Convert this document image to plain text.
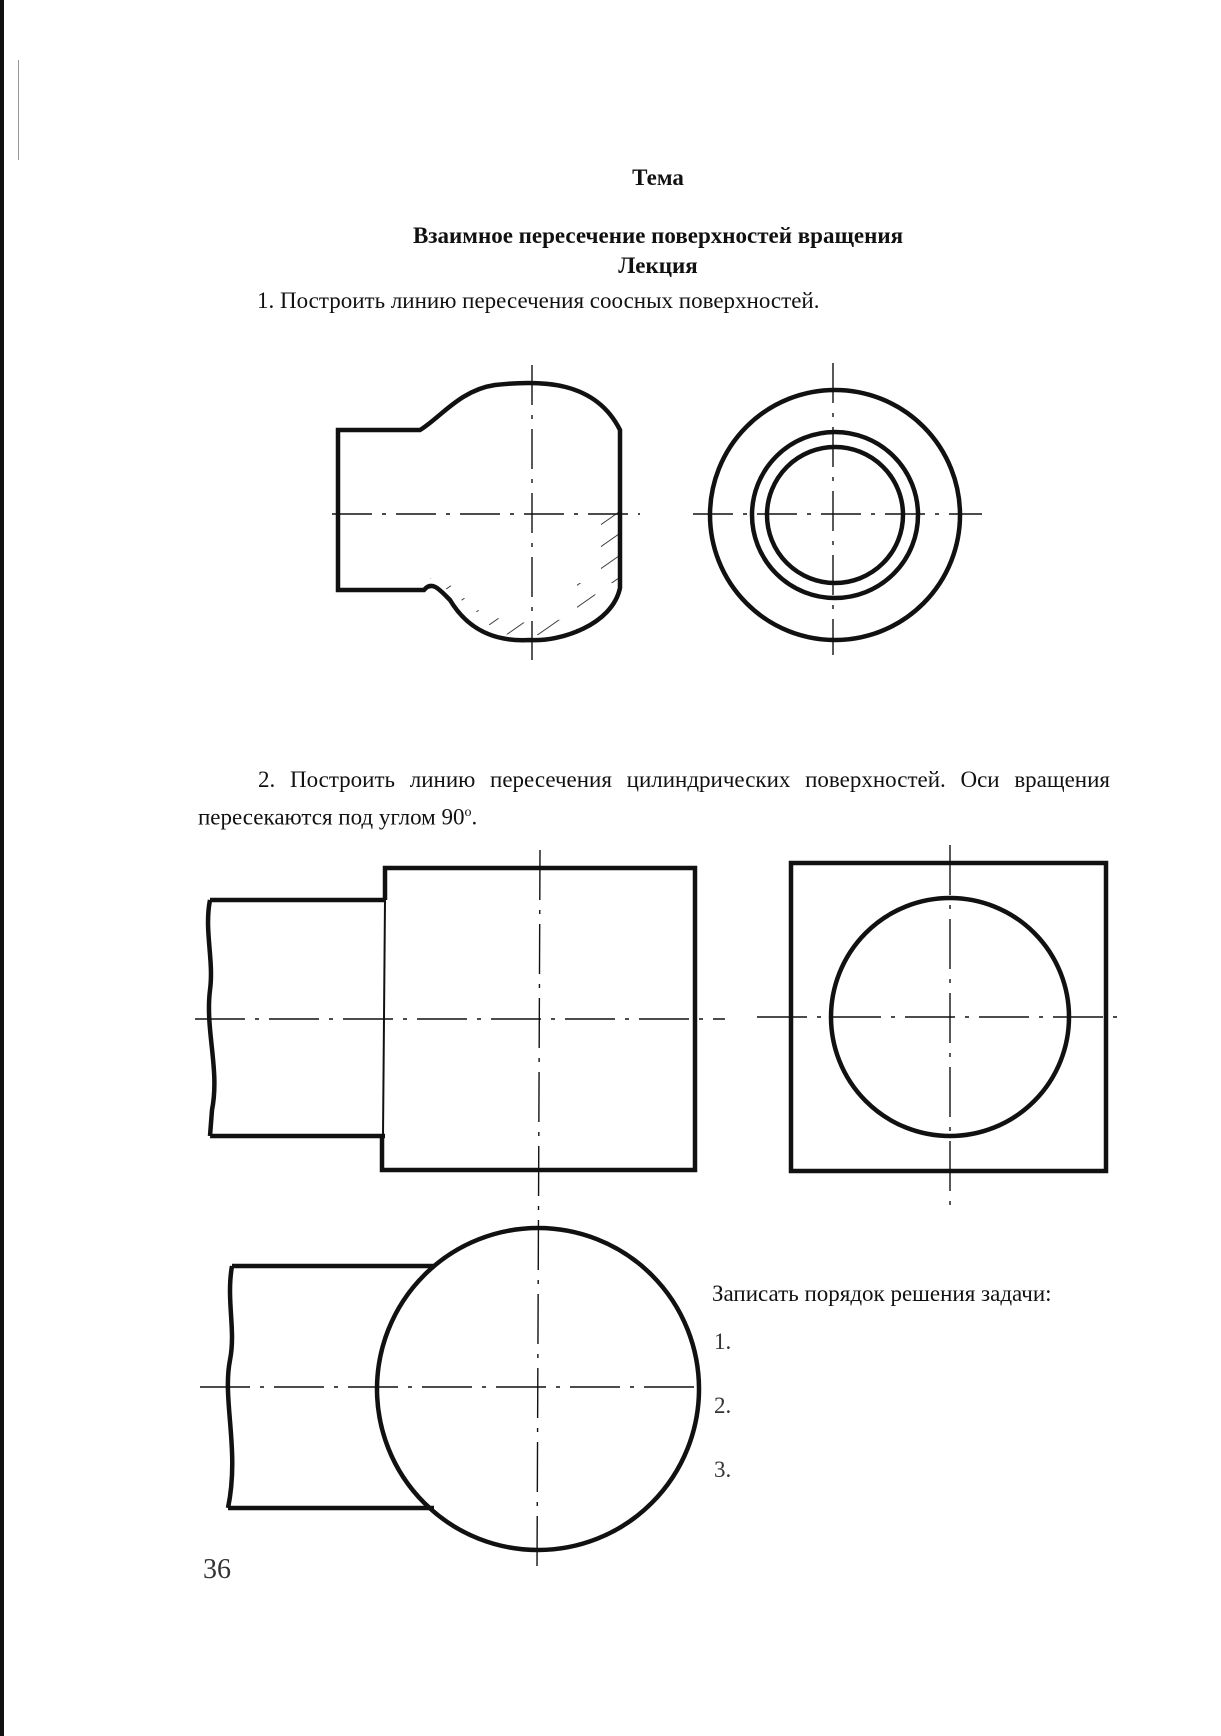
Тема
Взаимное пересечение поверхностей вращения
Лекция
1. Построить линию пересечения соосных поверхностей.
2. Построить линию пересечения цилиндрических поверхностей. Оси вращения пересекаются под углом 90$^o$.
Записать порядок решения задачи:
1.
2.
3.
36
